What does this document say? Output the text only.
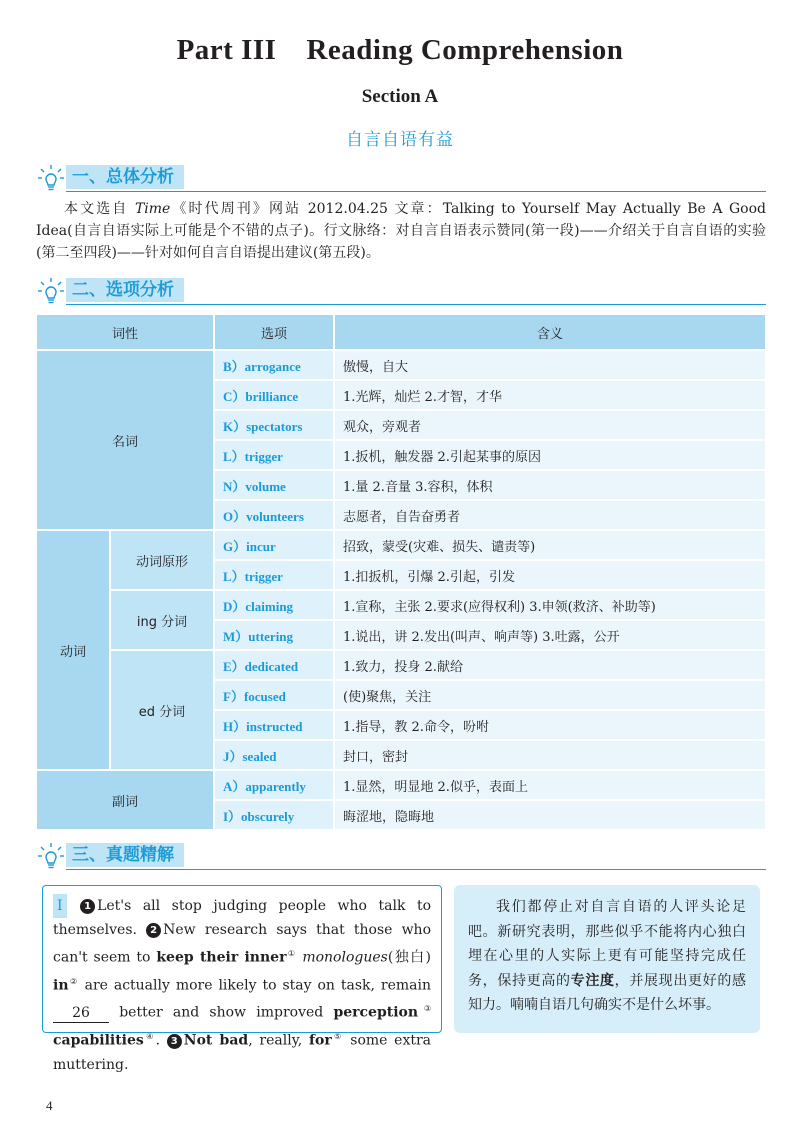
Part III Reading Comprehension
Section A
自言自语有益
一、总体分析

本文选自 Time《时代周刊》网站 2012.04.25 文章：Talking to Yourself May Actually Be A Good Idea(自言自语实际上可能是个不错的点子)。行文脉络：对自言自语表示赞同(第一段)——介绍关于自言自语的实验(第二至四段)——针对如何自言自语提出建议(第五段)。

二、选项分析
词性		选项	含义
名词		B）arrogance	傲慢，自大
		C）brilliance	1.光辉，灿烂 2.才智，才华
		K）spectators	观众，旁观者
		L）trigger	1.扳机，触发器 2.引起某事的原因
		N）volume	1.量 2.音量 3.容积，体积
		O）volunteers	志愿者，自告奋勇者
动词	动词原形	G）incur	招致，蒙受(灾难、损失、谴责等)
		L）trigger	1.扣扳机，引爆 2.引起，引发
	ing 分词	D）claiming	1.宣称，主张 2.要求(应得权利) 3.申领(救济、补助等)
		M）uttering	1.说出，讲 2.发出(叫声、响声等) 3.吐露，公开
	ed 分词	E）dedicated	1.致力，投身 2.献给
		F）focused	(使)聚焦，关注
		H）instructed	1.指导，教 2.命令，吩咐
		J）sealed	封口，密封
副词		A）apparently	1.显然，明显地 2.似乎，表面上
		I）obscurely	晦涩地，隐晦地
三、真题精解
Ⅰ 1 Let's all stop judging people who talk to themselves. 2 New research says that those who can't seem to keep their inner① monologues(独白) in② are actually more likely to stay on task, remain 26 better and show improved perception③ capabilities④. 3 Not bad, really, for⑤ some extra muttering.

我们都停止对自言自语的人评头论足吧。新研究表明，那些似乎不能将内心独白埋在心里的人实际上更有可能坚持完成任务，保持更高的专注度，并展现出更好的感知力。喃喃自语几句确实不是什么坏事。

4
